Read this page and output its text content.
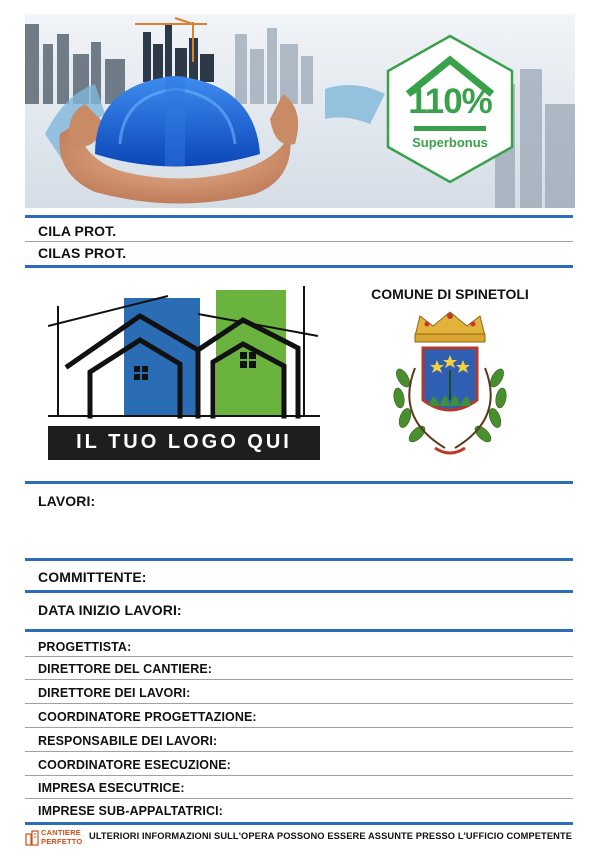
110%
Superbonus
CILA PROT.
CILAS PROT.
IL TUO LOGO QUI
COMUNE DI SPINETOLI
LAVORI:
COMMITTENTE:
DATA INIZIO LAVORI:
PROGETTISTA:
DIRETTORE DEL CANTIERE:
DIRETTORE DEI LAVORI:
COORDINATORE PROGETTAZIONE:
RESPONSABILE DEI LAVORI:
COORDINATORE ESECUZIONE:
IMPRESA ESECUTRICE:
IMPRESE SUB-APPALTATRICI:
CANTIERE
PERFETTO
ULTERIORI INFORMAZIONI SULL'OPERA POSSONO ESSERE ASSUNTE PRESSO L'UFFICIO COMPETENTE
